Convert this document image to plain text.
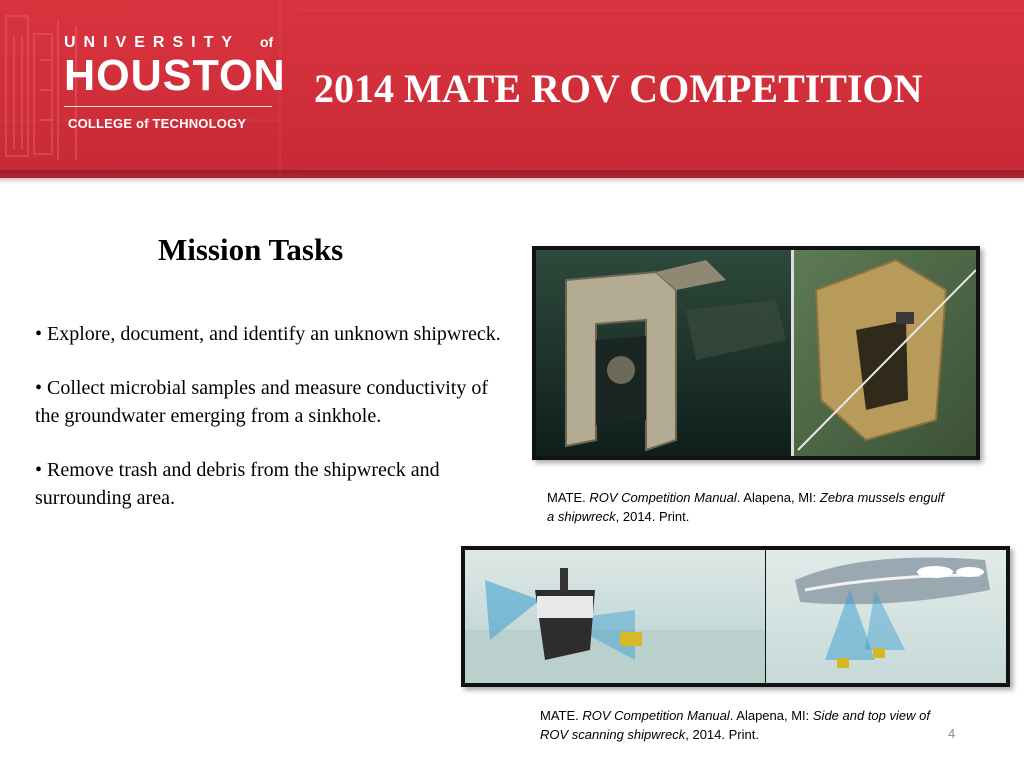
UNIVERSITY of
HOUSTON
COLLEGE of TECHNOLOGY
2014 MATE ROV COMPETITION
Mission Tasks

• Explore, document, and identify an unknown shipwreck.

• Collect microbial samples and measure conductivity of the groundwater emerging from a sinkhole.

• Remove trash and debris from the shipwreck and surrounding area.	MATE. ROV Competition Manual. Alapena, MI: Zebra mussels engulf a shipwreck, 2014. Print.

MATE. ROV Competition Manual. Alapena, MI: Side and top view of ROV scanning shipwreck, 2014. Print.	4
